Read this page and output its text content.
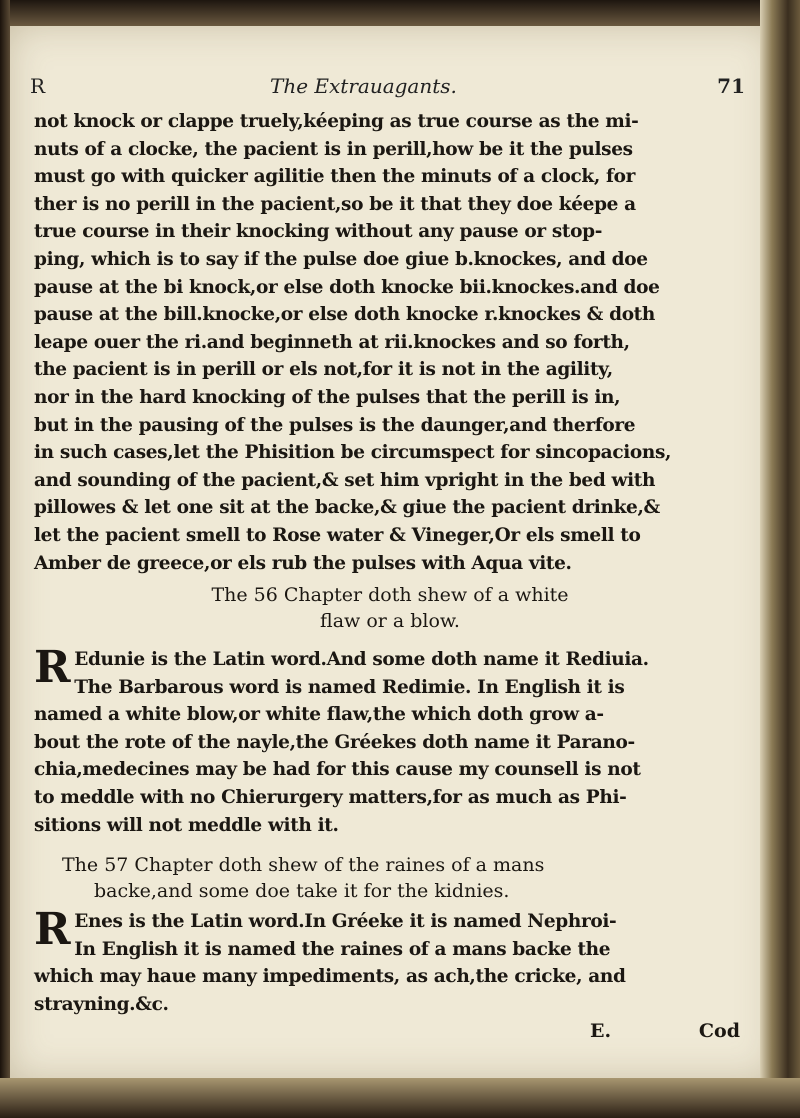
R	The Extrauagants.	71

not knock or clappe truely,kéeping as true course as the mi-

nuts of a clocke, the pacient is in perill,how be it the pulses

must go with quicker agilitie then the minuts of a clock, for

ther is no perill in the pacient,so be it that they doe kéepe a

true course in their knocking without any pause or stop-

ping, which is to say if the pulse doe giue b.knockes, and doe

pause at the bi knock,or else doth knocke bii.knockes.and doe

pause at the bill.knocke,or else doth knocke r.knockes & doth

leape ouer the ri.and beginneth at rii.knockes and so forth,

the pacient is in perill or els not,for it is not in the agility,

nor in the hard knocking of the pulses that the perill is in,

but in the pausing of the pulses is the daunger,and therfore

in such cases,let the Phisition be circumspect for sincopacions,

and sounding of the pacient,& set him vpright in the bed with

pillowes & let one sit at the backe,& giue the pacient drinke,&

let the pacient smell to Rose water & Vineger,Or els smell to

Amber de greece,or els rub the pulses with Aqua vite.

The 56 Chapter doth shew of a white

flaw or a blow.

R Edunie is the Latin word.And some doth name it Rediuia.

The Barbarous word is named Redimie. In English it is

named a white blow,or white flaw,the which doth grow a-

bout the rote of the nayle,the Gréekes doth name it Parano-

chia,medecines may be had for this cause my counsell is not

to meddle with no Chierurgery matters,for as much as Phi-

sitions will not meddle with it.

The 57 Chapter doth shew of the raines of a mans

backe,and some doe take it for the kidnies.

R Enes is the Latin word.In Gréeke it is named Nephroi-

In English it is named the raines of a mans backe the

which may haue many impediments, as ach,the cricke, and

strayning.&c.

E.	Cod
